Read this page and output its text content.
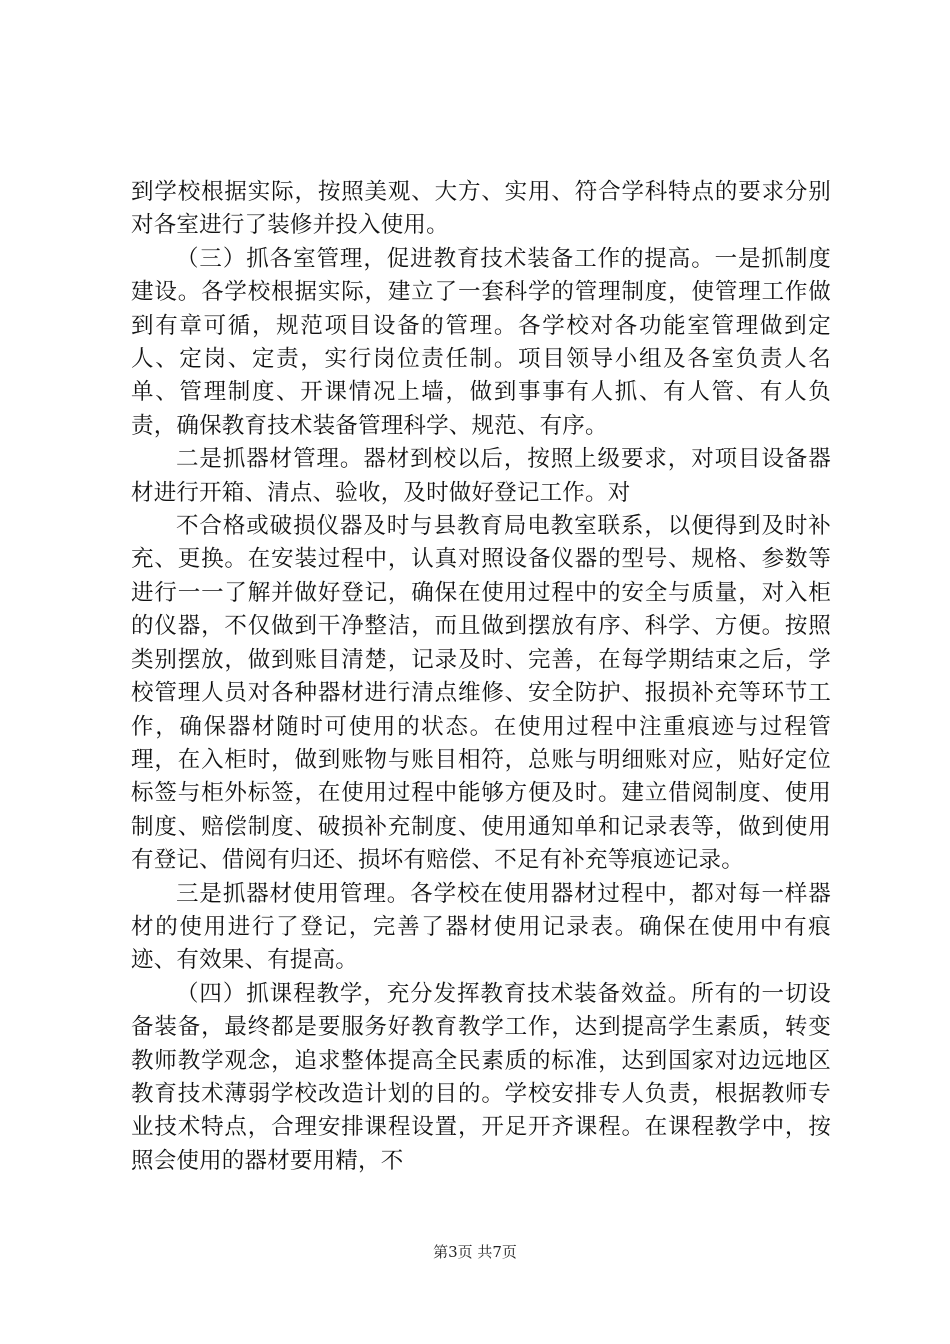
到学校根据实际，按照美观、大方、实用、符合学科特点的要求分别对各室进行了装修并投入使用。

（三）抓各室管理，促进教育技术装备工作的提高。一是抓制度建设。各学校根据实际，建立了一套科学的管理制度，使管理工作做到有章可循，规范项目设备的管理。各学校对各功能室管理做到定人、定岗、定责，实行岗位责任制。项目领导小组及各室负责人名单、管理制度、开课情况上墙，做到事事有人抓、有人管、有人负责，确保教育技术装备管理科学、规范、有序。

二是抓器材管理。器材到校以后，按照上级要求，对项目设备器材进行开箱、清点、验收，及时做好登记工作。对

不合格或破损仪器及时与县教育局电教室联系，以便得到及时补充、更换。在安装过程中，认真对照设备仪器的型号、规格、参数等进行一一了解并做好登记，确保在使用过程中的安全与质量，对入柜的仪器，不仅做到干净整洁，而且做到摆放有序、科学、方便。按照类别摆放，做到账目清楚，记录及时、完善，在每学期结束之后，学校管理人员对各种器材进行清点维修、安全防护、报损补充等环节工作，确保器材随时可使用的状态。在使用过程中注重痕迹与过程管理，在入柜时，做到账物与账目相符，总账与明细账对应，贴好定位标签与柜外标签，在使用过程中能够方便及时。建立借阅制度、使用制度、赔偿制度、破损补充制度、使用通知单和记录表等，做到使用有登记、借阅有归还、损坏有赔偿、不足有补充等痕迹记录。

三是抓器材使用管理。各学校在使用器材过程中，都对每一样器材的使用进行了登记，完善了器材使用记录表。确保在使用中有痕迹、有效果、有提高。

（四）抓课程教学，充分发挥教育技术装备效益。所有的一切设备装备，最终都是要服务好教育教学工作，达到提高学生素质，转变教师教学观念，追求整体提高全民素质的标准，达到国家对边远地区教育技术薄弱学校改造计划的目的。学校安排专人负责，根据教师专业技术特点，合理安排课程设置，开足开齐课程。在课程教学中，按照会使用的器材要用精，不

第3页 共7页
